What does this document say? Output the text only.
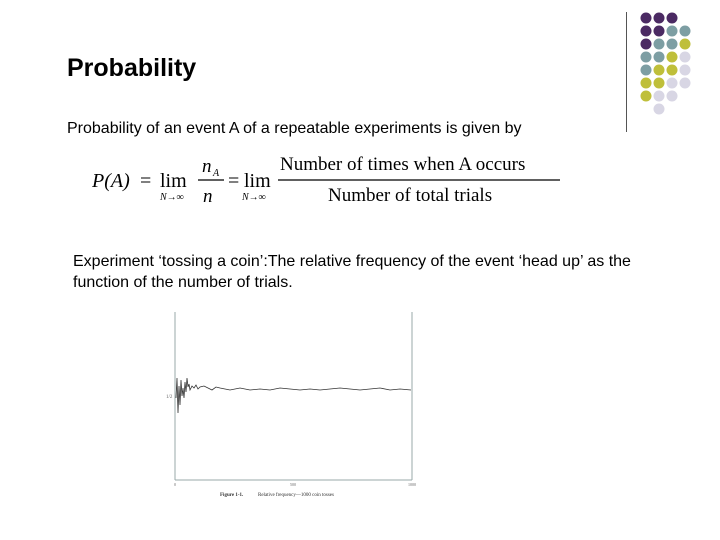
Probability
Probability of an event A of a repeatable experiments is given by
P(A) = lim
N→∞
n A
n
= lim
N→∞
Number of times when A occurs
Number of total trials
Experiment ‘tossing a coin’:The relative frequency of the event ‘head up’ as the function of the number of trials.
1/2
0	500	1000
Figure 1-1.	Relative frequency—1000 coin tosses
